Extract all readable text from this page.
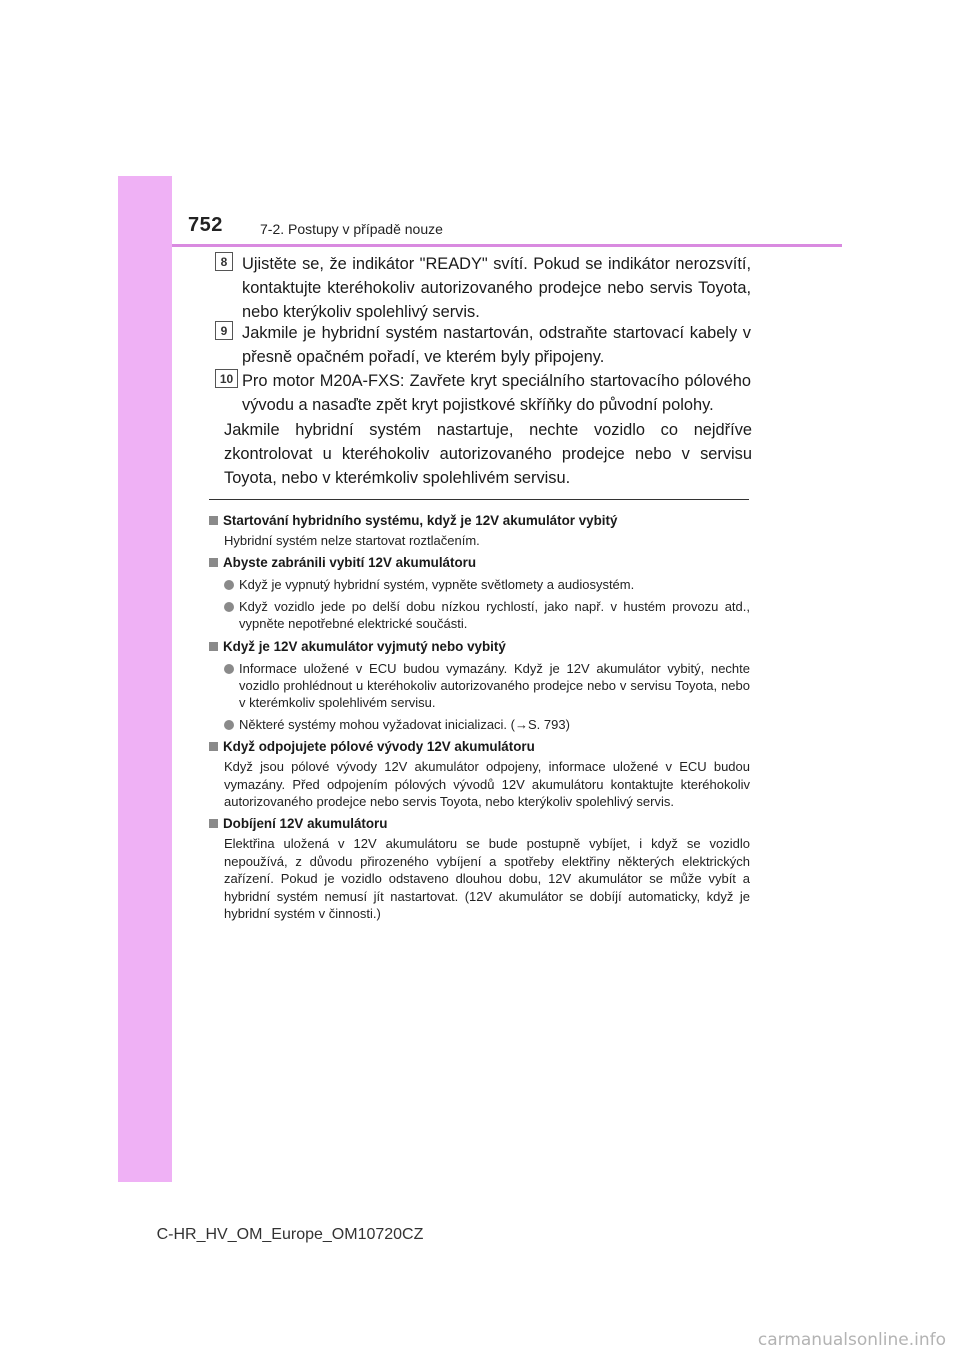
752	7-2. Postupy v případě nouze
8 Ujistěte se, že indikátor "READY" svítí. Pokud se indikátor nerozsvítí, kontaktujte kteréhokoliv autorizovaného prodejce nebo servis Toyota, nebo kterýkoliv spolehlivý servis.
9 Jakmile je hybridní systém nastartován, odstraňte startovací kabely v přesně opačném pořadí, ve kterém byly připojeny.
10 Pro motor M20A-FXS: Zavřete kryt speciálního startovacího pólového vývodu a nasaďte zpět kryt pojistkové skříňky do původní polohy.
Jakmile hybridní systém nastartuje, nechte vozidlo co nejdříve zkontrolovat u kteréhokoliv autorizovaného prodejce nebo v servisu Toyota, nebo v kterémkoliv spolehlivém servisu.
Startování hybridního systému, když je 12V akumulátor vybitý
Hybridní systém nelze startovat roztlačením.
Abyste zabránili vybití 12V akumulátoru
Když je vypnutý hybridní systém, vypněte světlomety a audiosystém.
Když vozidlo jede po delší dobu nízkou rychlostí, jako např. v hustém provozu atd., vypněte nepotřebné elektrické součásti.
Když je 12V akumulátor vyjmutý nebo vybitý
Informace uložené v ECU budou vymazány. Když je 12V akumulátor vybitý, nechte vozidlo prohlédnout u kteréhokoliv autorizovaného prodejce nebo v servisu Toyota, nebo v kterémkoliv spolehlivém servisu.
Některé systémy mohou vyžadovat inicializaci. (→S. 793)
Když odpojujete pólové vývody 12V akumulátoru
Když jsou pólové vývody 12V akumulátor odpojeny, informace uložené v ECU budou vymazány. Před odpojením pólových vývodů 12V akumulátoru kontaktujte kteréhokoliv autorizovaného prodejce nebo servis Toyota, nebo kterýkoliv spolehlivý servis.
Dobíjení 12V akumulátoru
Elektřina uložená v 12V akumulátoru se bude postupně vybíjet, i když se vozidlo nepoužívá, z důvodu přirozeného vybíjení a spotřeby elektřiny některých elektrických zařízení. Pokud je vozidlo odstaveno dlouhou dobu, 12V akumulátor se může vybít a hybridní systém nemusí jít nastartovat. (12V akumulátor se dobíjí automaticky, když je hybridní systém v činnosti.)
C-HR_HV_OM_Europe_OM10720CZ
carmanualsonline.info
